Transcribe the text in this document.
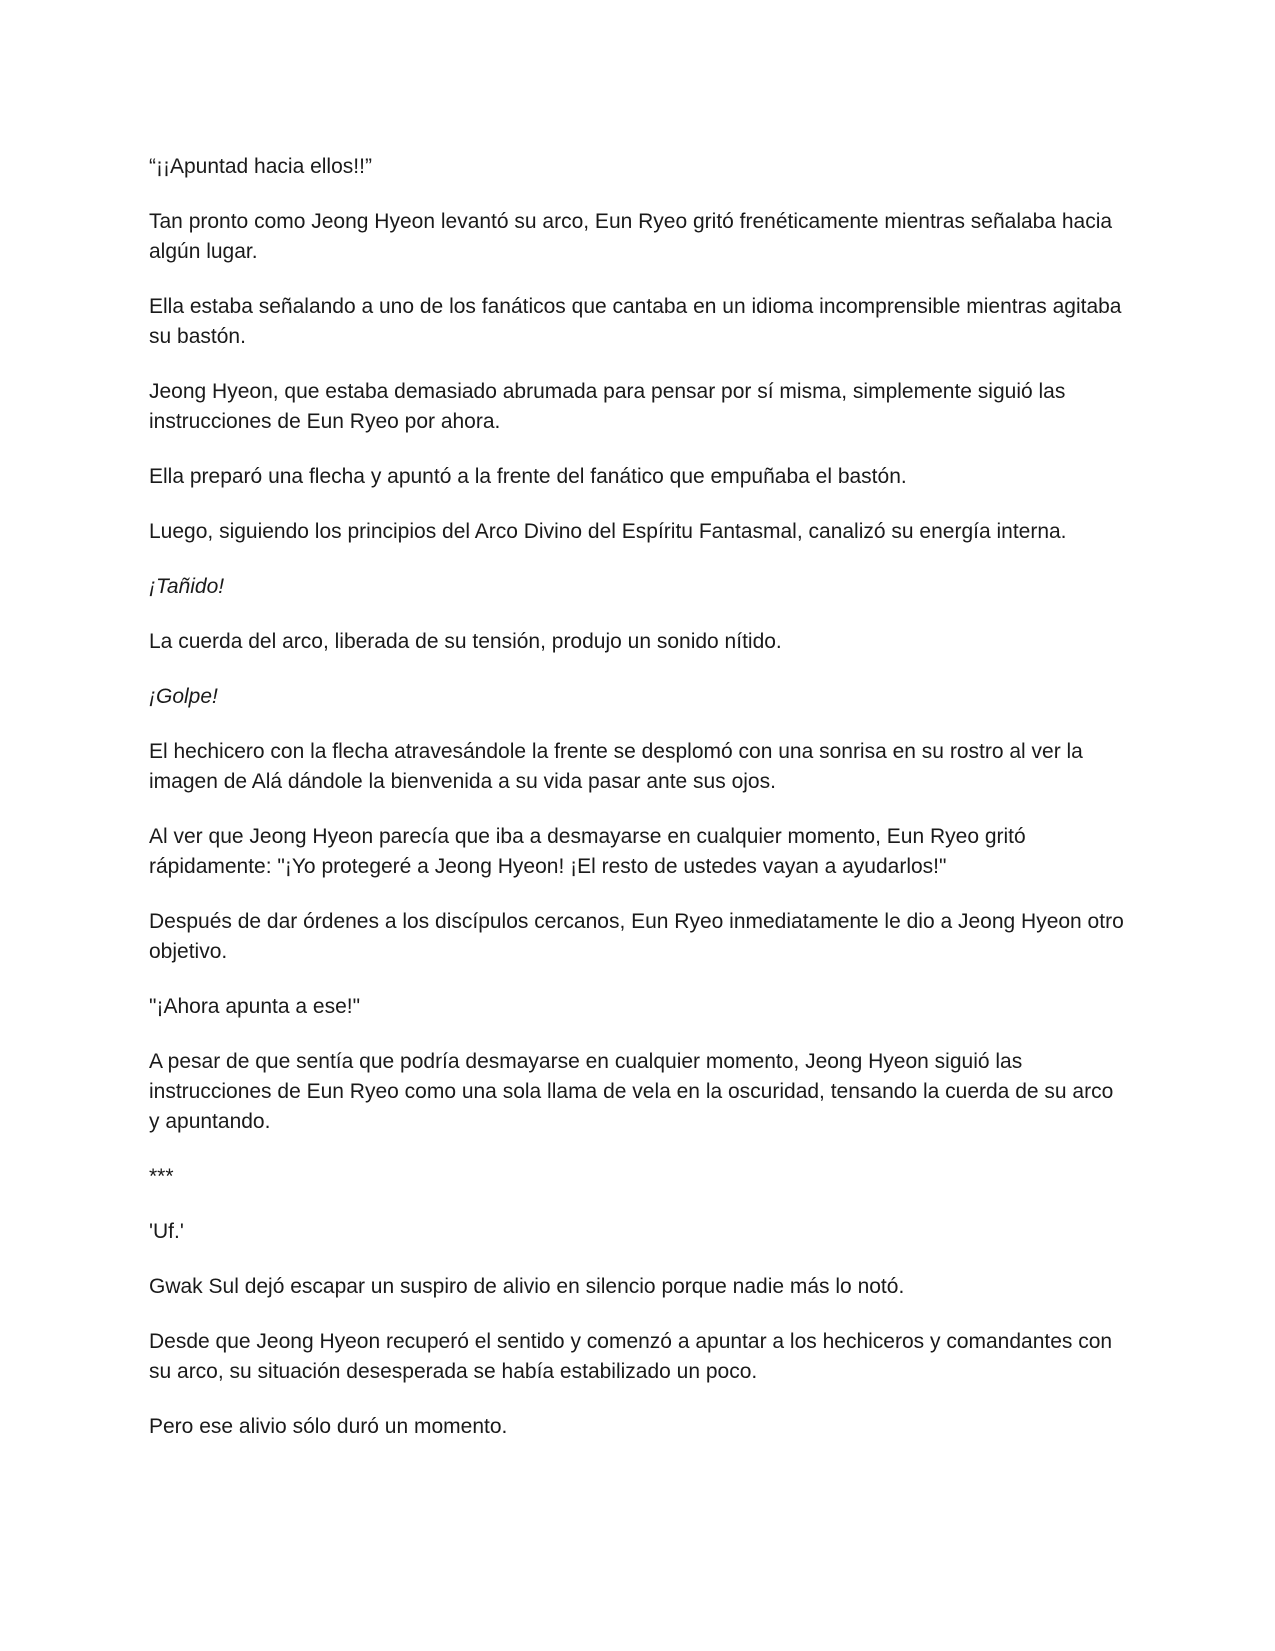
“¡¡Apuntad hacia ellos!!”

Tan pronto como Jeong Hyeon levantó su arco, Eun Ryeo gritó frenéticamente mientras señalaba hacia algún lugar.

Ella estaba señalando a uno de los fanáticos que cantaba en un idioma incomprensible mientras agitaba su bastón.

Jeong Hyeon, que estaba demasiado abrumada para pensar por sí misma, simplemente siguió las instrucciones de Eun Ryeo por ahora.

Ella preparó una flecha y apuntó a la frente del fanático que empuñaba el bastón.

Luego, siguiendo los principios del Arco Divino del Espíritu Fantasmal, canalizó su energía interna.

¡Tañido!

La cuerda del arco, liberada de su tensión, produjo un sonido nítido.

¡Golpe!

El hechicero con la flecha atravesándole la frente se desplomó con una sonrisa en su rostro al ver la imagen de Alá dándole la bienvenida a su vida pasar ante sus ojos.

Al ver que Jeong Hyeon parecía que iba a desmayarse en cualquier momento, Eun Ryeo gritó rápidamente: "¡Yo protegeré a Jeong Hyeon! ¡El resto de ustedes vayan a ayudarlos!"

Después de dar órdenes a los discípulos cercanos, Eun Ryeo inmediatamente le dio a Jeong Hyeon otro objetivo.

"¡Ahora apunta a ese!"

A pesar de que sentía que podría desmayarse en cualquier momento, Jeong Hyeon siguió las instrucciones de Eun Ryeo como una sola llama de vela en la oscuridad, tensando la cuerda de su arco y apuntando.

***

'Uf.'

Gwak Sul dejó escapar un suspiro de alivio en silencio porque nadie más lo notó.

Desde que Jeong Hyeon recuperó el sentido y comenzó a apuntar a los hechiceros y comandantes con su arco, su situación desesperada se había estabilizado un poco.

Pero ese alivio sólo duró un momento.
